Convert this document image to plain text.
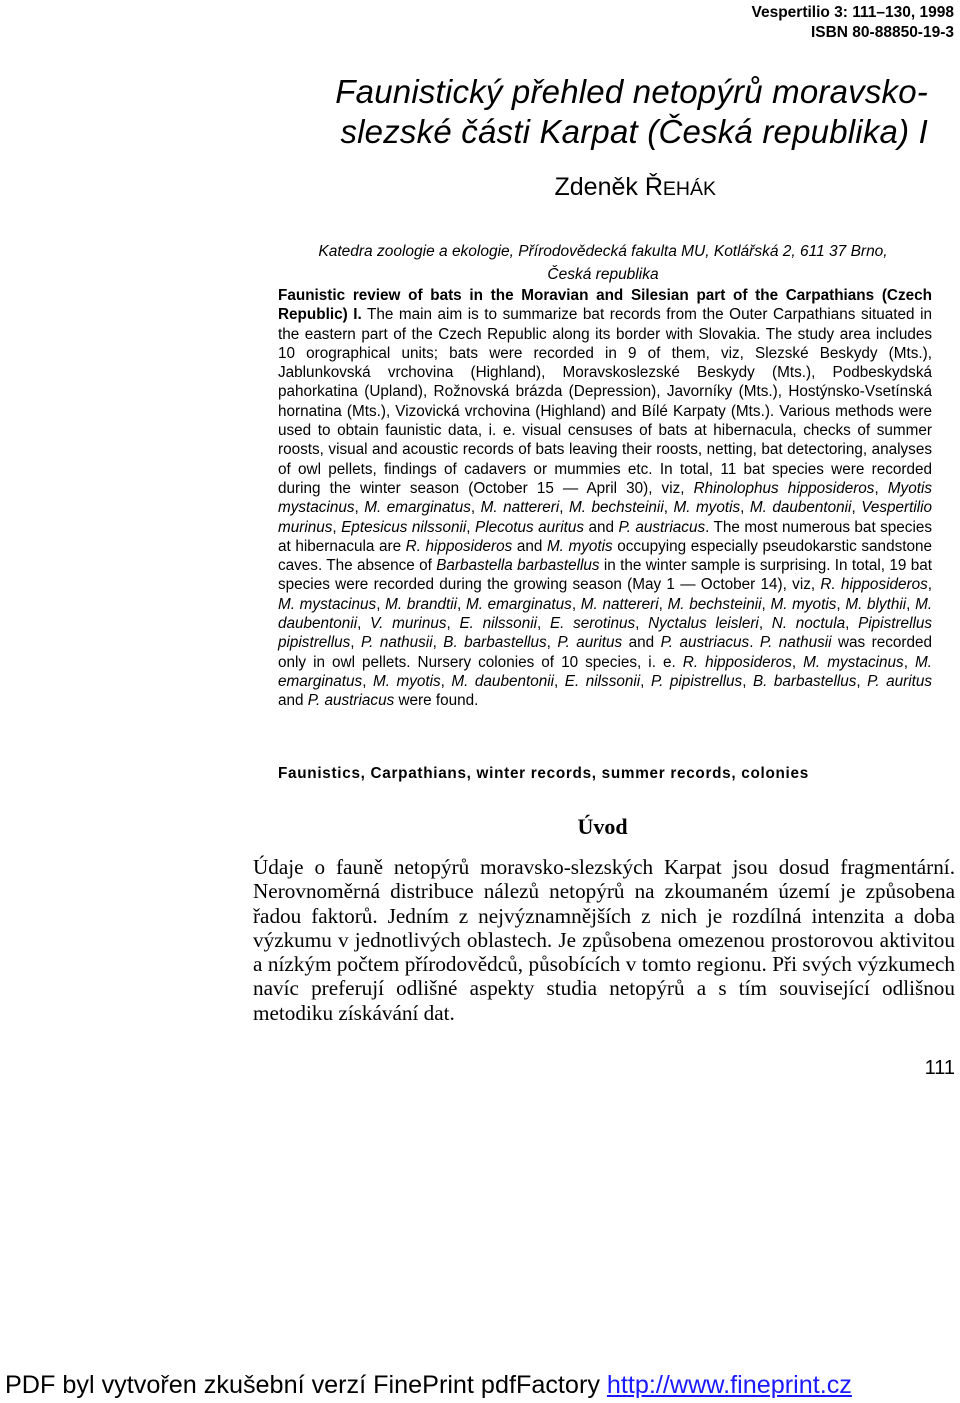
Vespertilio 3: 111–130, 1998
ISBN 80-88850-19-3
Faunistický přehled netopýrů moravsko-
slezské části Karpat (Česká republika) I
Zdeněk ŘEHÁK
Katedra zoologie a ekologie, Přírodovědecká fakulta MU, Kotlářská 2, 611 37 Brno,
Česká republika
Faunistic review of bats in the Moravian and Silesian part of the Carpathians (Czech Republic) I. The main aim is to summarize bat records from the Outer Carpathians situated in the eastern part of the Czech Republic along its border with Slovakia. The study area includes 10 orographical units; bats were recorded in 9 of them, viz, Slezské Beskydy (Mts.), Jablunkovská vrchovina (Highland), Moravskoslezské Beskydy (Mts.), Podbeskydská pahorkatina (Upland), Rožnovská brázda (Depression), Javorníky (Mts.), Hostýnsko-Vsetínská hornatina (Mts.), Vizovická vrchovina (Highland) and Bílé Karpaty (Mts.). Various methods were used to obtain faunistic data, i. e. visual censuses of bats at hibernacula, checks of summer roosts, visual and acoustic records of bats leaving their roosts, netting, bat detectoring, analyses of owl pellets, findings of cadavers or mummies etc. In total, 11 bat species were recorded during the winter season (October 15 — April 30), viz, Rhinolophus hipposideros, Myotis mystacinus, M. emarginatus, M. nattereri, M. bechsteinii, M. myotis, M. daubentonii, Vespertilio murinus, Eptesicus nilssonii, Plecotus auritus and P. austriacus. The most numerous bat species at hibernacula are R. hipposideros and M. myotis occupying especially pseudokarstic sandstone caves. The absence of Barbastella barbastellus in the winter sample is surprising. In total, 19 bat species were recorded during the growing season (May 1 — October 14), viz, R. hipposideros, M. mystacinus, M. brandtii, M. emarginatus, M. nattereri, M. bechsteinii, M. myotis, M. blythii, M. daubentonii, V. murinus, E. nilssonii, E. serotinus, Nyctalus leisleri, N. noctula, Pipistrellus pipistrellus, P. nathusii, B. barbastellus, P. auritus and P. austriacus. P. nathusii was recorded only in owl pellets. Nursery colonies of 10 species, i. e. R. hipposideros, M. mystacinus, M. emarginatus, M. myotis, M. daubentonii, E. nilssonii, P. pipistrellus, B. barbastellus, P. auritus and P. austriacus were found.
Faunistics, Carpathians, winter records, summer records, colonies
Úvod
Údaje o fauně netopýrů moravsko-slezských Karpat jsou dosud fragmentární. Nerovnoměrná distribuce nálezů netopýrů na zkoumaném území je způsobena řadou faktorů. Jedním z nejvýznamnějších z nich je rozdílná intenzita a doba výzkumu v jednotlivých oblastech. Je způsobena omezenou prostorovou aktivitou a nízkým počtem přírodovědců, působících v tomto regionu. Při svých výzkumech navíc preferují odlišné aspekty studia netopýrů a s tím související odlišnou metodiku získávání dat.
111
PDF byl vytvořen zkušební verzí FinePrint pdfFactory http://www.fineprint.cz
